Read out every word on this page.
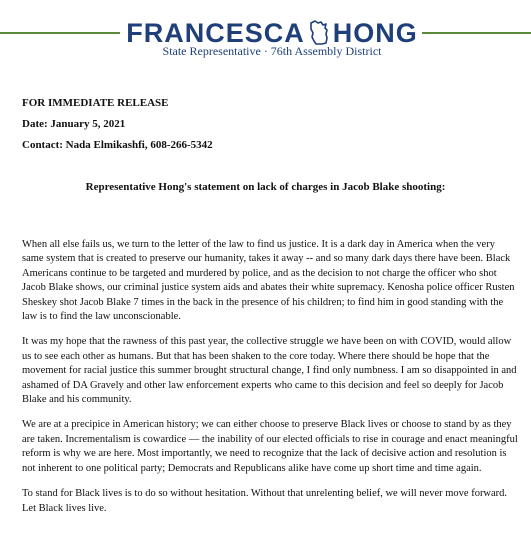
FRANCESCA HONG
State Representative · 76th Assembly District
FOR IMMEDIATE RELEASE
Date: January 5, 2021
Contact: Nada Elmikashfi, 608-266-5342
Representative Hong's statement on lack of charges in Jacob Blake shooting:

When all else fails us, we turn to the letter of the law to find us justice. It is a dark day in America when the very same system that is created to preserve our humanity, takes it away -- and so many dark days there have been. Black Americans continue to be targeted and murdered by police, and as the decision to not charge the officer who shot Jacob Blake shows, our criminal justice system aids and abates their white supremacy. Kenosha police officer Rusten Sheskey shot Jacob Blake 7 times in the back in the presence of his children; to find him in good standing with the law is to find the law unconscionable.

It was my hope that the rawness of this past year, the collective struggle we have been on with COVID, would allow us to see each other as humans. But that has been shaken to the core today. Where there should be hope that the movement for racial justice this summer brought structural change, I find only numbness. I am so disappointed in and ashamed of DA Gravely and other law enforcement experts who came to this decision and feel so deeply for Jacob Blake and his community.

We are at a precipice in American history; we can either choose to preserve Black lives or choose to stand by as they are taken. Incrementalism is cowardice — the inability of our elected officials to rise in courage and enact meaningful reform is why we are here. Most importantly, we need to recognize that the lack of decisive action and resolution is not inherent to one political party; Democrats and Republicans alike have come up short time and time again.

To stand for Black lives is to do so without hesitation. Without that unrelenting belief, we will never move forward. Let Black lives live.
